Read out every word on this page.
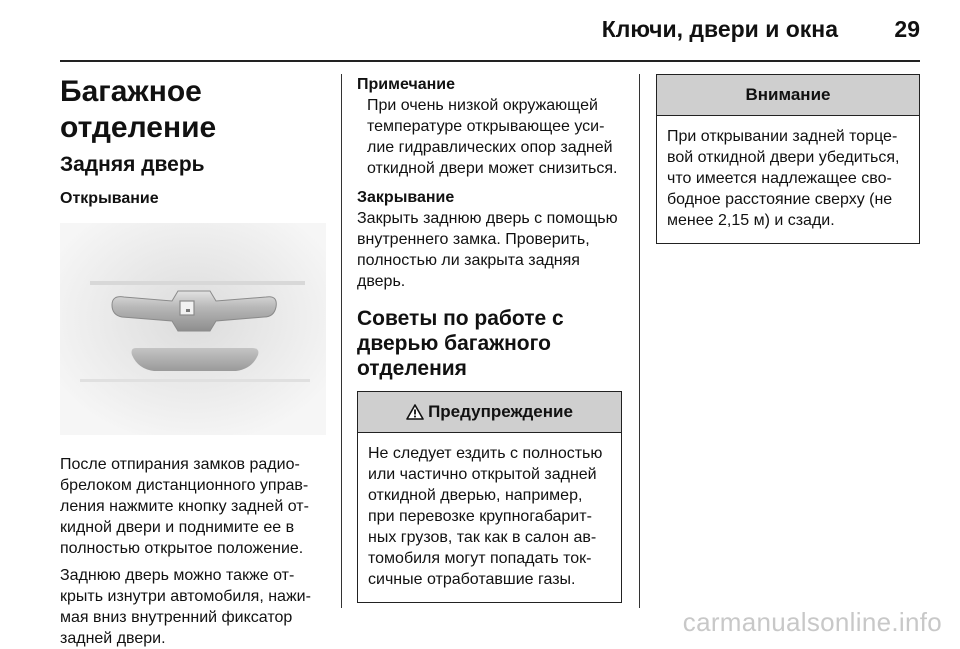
Ключи, двери и окна 29
Багажное отделение
Задняя дверь
Открывание

После отпирания замков радио-брелоком дистанционного управ-ления нажмите кнопку задней от-кидной двери и поднимите ее в полностью открытое положение.

Заднюю дверь можно также от-крыть изнутри автомобиля, нажи-мая вниз внутренний фиксатор задней двери.

Примечание

При очень низкой окружающей температуре открывающее уси-лие гидравлических опор задней откидной двери может снизиться.

Закрывание

Закрыть заднюю дверь с помощью внутреннего замка. Проверить, полностью ли закрыта задняя дверь.

Советы по работе с дверью багажного отделения

Предупреждение
Не следует ездить с полностью или частично открытой задней откидной дверью, например, при перевозке крупногабарит-ных грузов, так как в салон ав-томобиля могут попадать ток-сичные отработавшие газы.
Внимание
При открывании задней торце-вой откидной двери убедиться, что имеется надлежащее сво-бодное расстояние сверху (не менее 2,15 м) и сзади.
carmanualsonline.info
